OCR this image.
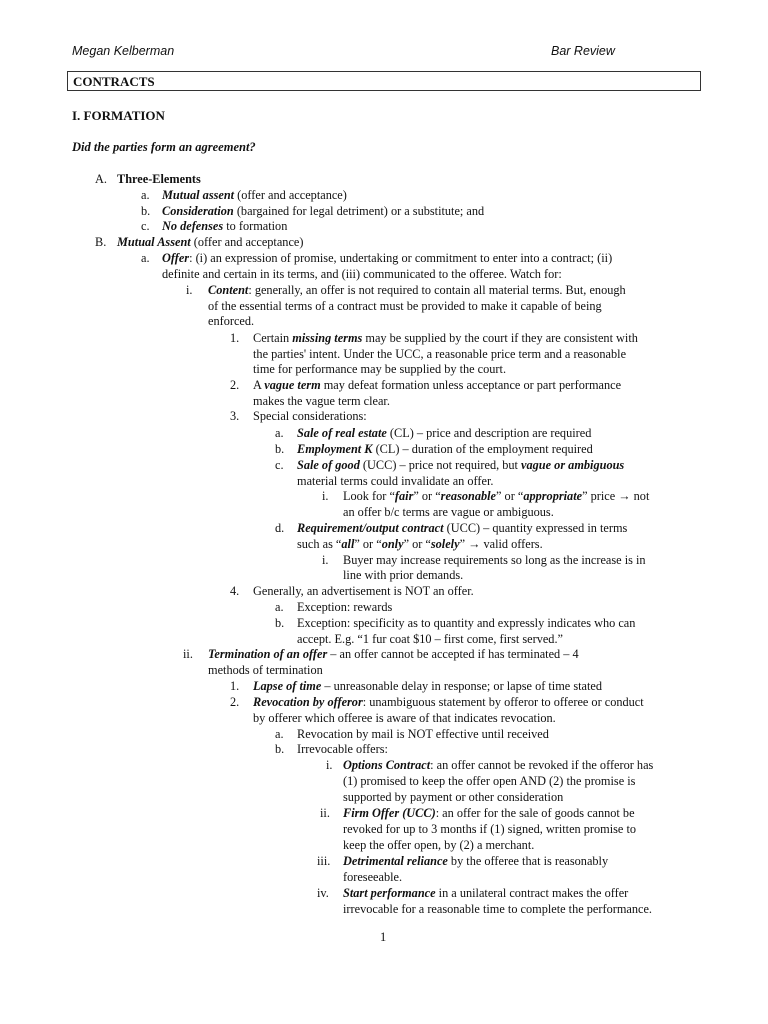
Megan Kelberman	Bar Review
CONTRACTS
I. FORMATION
Did the parties form an agreement?
A. Three-Elements
a. Mutual assent (offer and acceptance)
b. Consideration (bargained for legal detriment) or a substitute; and
c. No defenses to formation
B. Mutual Assent (offer and acceptance)
a. Offer: (i) an expression of promise, undertaking or commitment to enter into a contract; (ii)
definite and certain in its terms, and (iii) communicated to the offeree. Watch for:
i. Content: generally, an offer is not required to contain all material terms. But, enough
of the essential terms of a contract must be provided to make it capable of being
enforced.
1. Certain missing terms may be supplied by the court if they are consistent with
the parties' intent. Under the UCC, a reasonable price term and a reasonable
time for performance may be supplied by the court.
2. A vague term may defeat formation unless acceptance or part performance
makes the vague term clear.
3. Special considerations:
a. Sale of real estate (CL) – price and description are required
b. Employment K (CL) – duration of the employment required
c. Sale of good (UCC) – price not required, but vague or ambiguous
material terms could invalidate an offer.
i. Look for “fair” or “reasonable” or “appropriate” price → not
an offer b/c terms are vague or ambiguous.
d. Requirement/output contract (UCC) – quantity expressed in terms
such as “all” or “only” or “solely” → valid offers.
i. Buyer may increase requirements so long as the increase is in
line with prior demands.
4. Generally, an advertisement is NOT an offer.
a. Exception: rewards
b. Exception: specificity as to quantity and expressly indicates who can
accept. E.g. “1 fur coat $10 – first come, first served.”
ii. Termination of an offer – an offer cannot be accepted if has terminated – 4
methods of termination
1. Lapse of time – unreasonable delay in response; or lapse of time stated
2. Revocation by offeror: unambiguous statement by offeror to offeree or conduct
by offerer which offeree is aware of that indicates revocation.
a. Revocation by mail is NOT effective until received
b. Irrevocable offers:
i. Options Contract: an offer cannot be revoked if the offeror has
(1) promised to keep the offer open AND (2) the promise is
supported by payment or other consideration
ii. Firm Offer (UCC): an offer for the sale of goods cannot be
revoked for up to 3 months if (1) signed, written promise to
keep the offer open, by (2) a merchant.
iii. Detrimental reliance by the offeree that is reasonably
foreseeable.
iv. Start performance in a unilateral contract makes the offer
irrevocable for a reasonable time to complete the performance.
1
